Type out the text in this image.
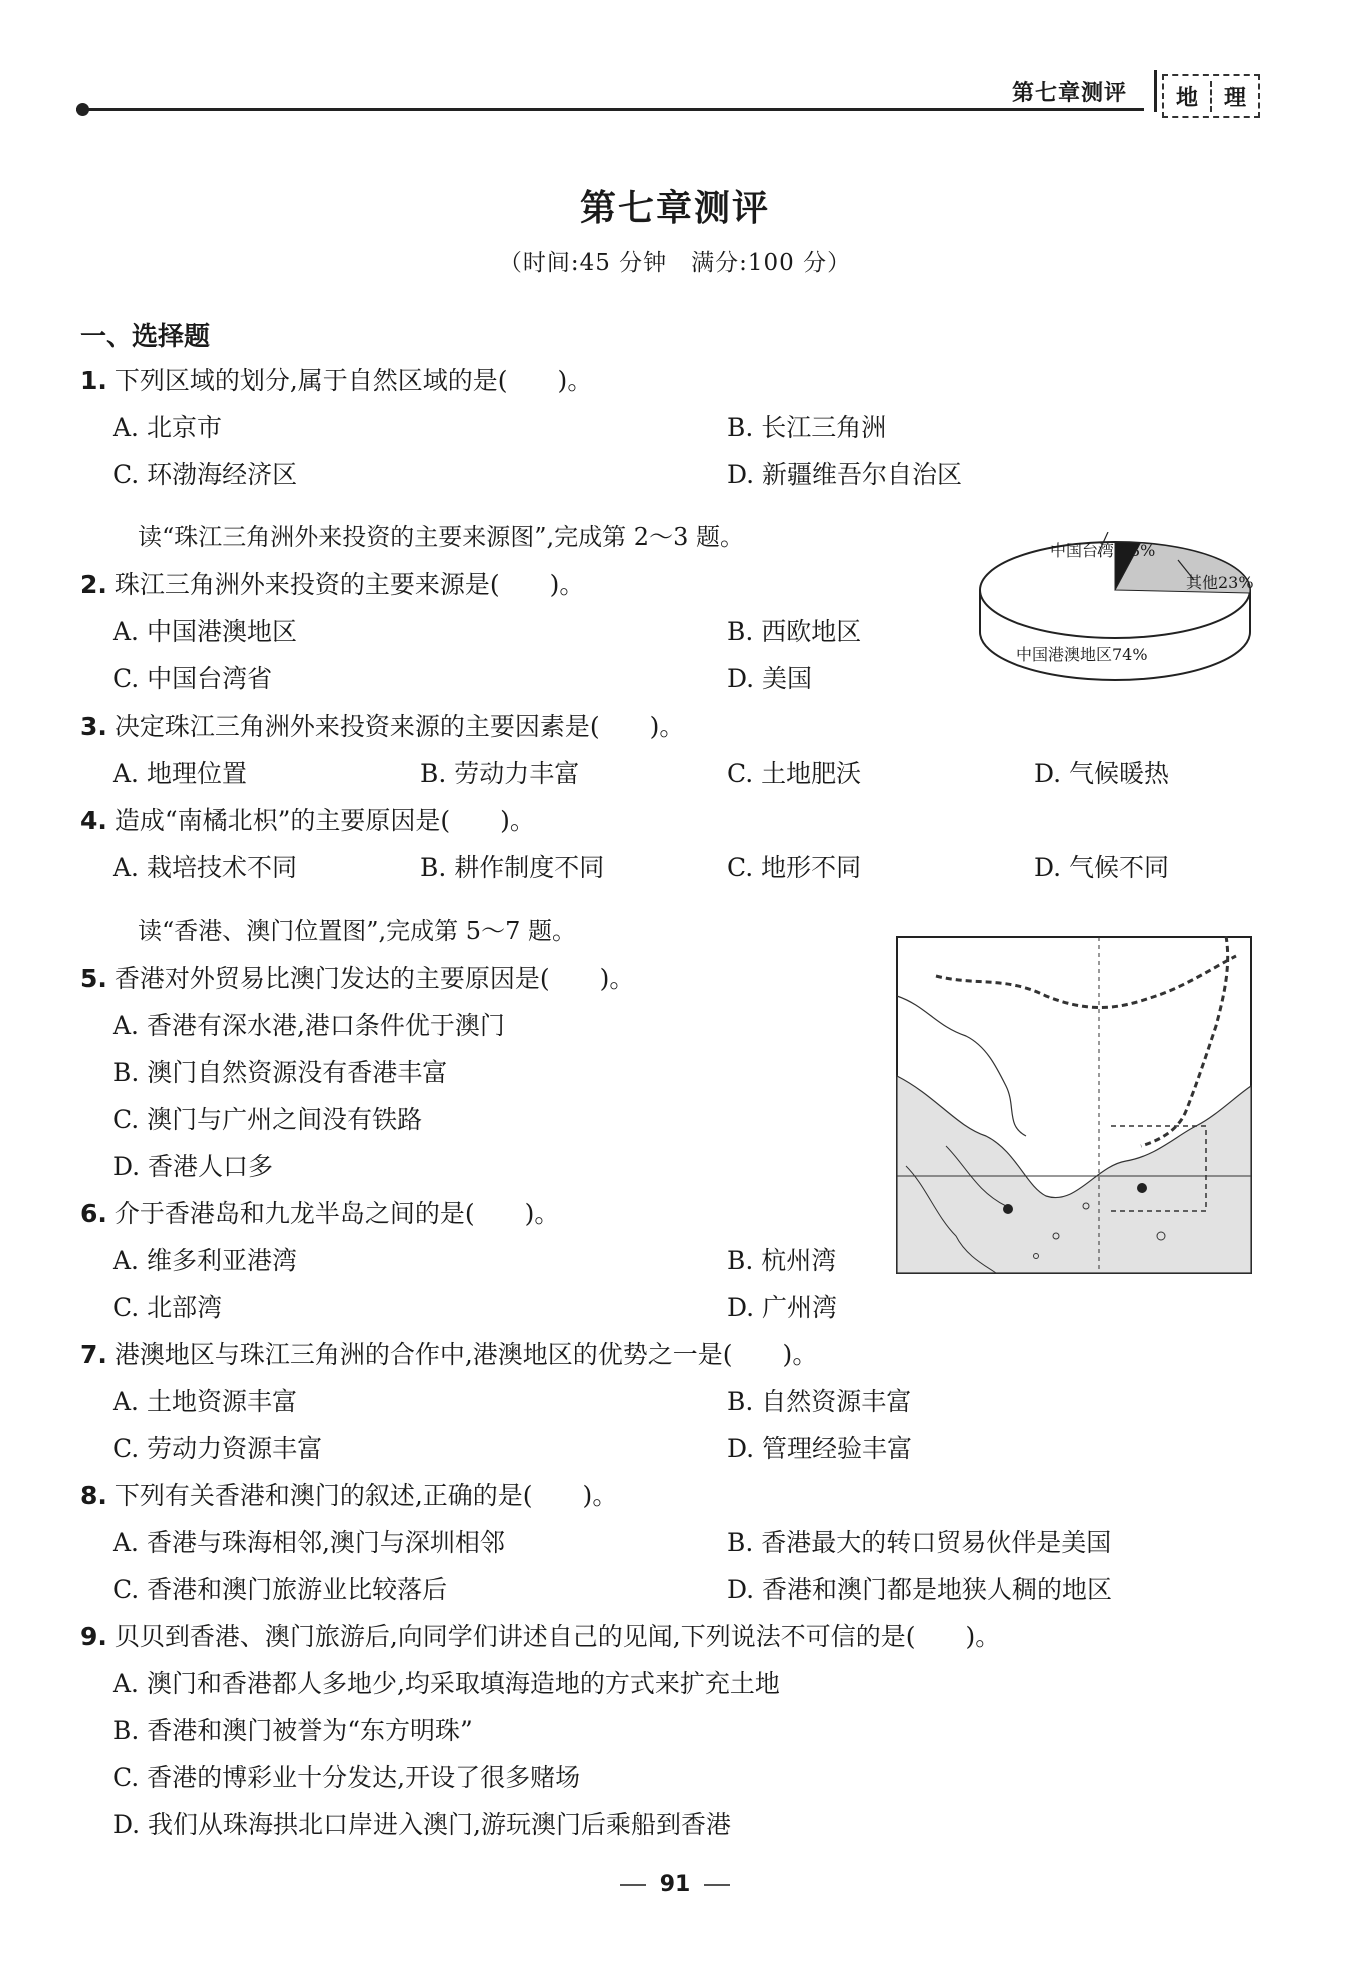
第七章测评	地	理
第七章测评
（时间:45 分钟　满分:100 分）
一、选择题
1. 下列区域的划分,属于自然区域的是(　　)。
A. 北京市	B. 长江三角洲
C. 环渤海经济区	D. 新疆维吾尔自治区
读“珠江三角洲外来投资的主要来源图”,完成第 2～3 题。
2. 珠江三角洲外来投资的主要来源是(　　)。
A. 中国港澳地区	B. 西欧地区
C. 中国台湾省	D. 美国
中国台湾省3%
其他23%
中国港澳地区74%
3. 决定珠江三角洲外来投资来源的主要因素是(　　)。
A. 地理位置	B. 劳动力丰富	C. 土地肥沃	D. 气候暖热
4. 造成“南橘北枳”的主要原因是(　　)。
A. 栽培技术不同	B. 耕作制度不同	C. 地形不同	D. 气候不同
读“香港、澳门位置图”,完成第 5～7 题。
5. 香港对外贸易比澳门发达的主要原因是(　　)。
A. 香港有深水港,港口条件优于澳门
B. 澳门自然资源没有香港丰富
C. 澳门与广州之间没有铁路
D. 香港人口多
6. 介于香港岛和九龙半岛之间的是(　　)。
A. 维多利亚港湾	B. 杭州湾
C. 北部湾	D. 广州湾
7. 港澳地区与珠江三角洲的合作中,港澳地区的优势之一是(　　)。
A. 土地资源丰富	B. 自然资源丰富
C. 劳动力资源丰富	D. 管理经验丰富
8. 下列有关香港和澳门的叙述,正确的是(　　)。
A. 香港与珠海相邻,澳门与深圳相邻	B. 香港最大的转口贸易伙伴是美国
C. 香港和澳门旅游业比较落后	D. 香港和澳门都是地狭人稠的地区
9. 贝贝到香港、澳门旅游后,向同学们讲述自己的见闻,下列说法不可信的是(　　)。
A. 澳门和香港都人多地少,均采取填海造地的方式来扩充土地
B. 香港和澳门被誉为“东方明珠”
C. 香港的博彩业十分发达,开设了很多赌场
D. 我们从珠海拱北口岸进入澳门,游玩澳门后乘船到香港
91
